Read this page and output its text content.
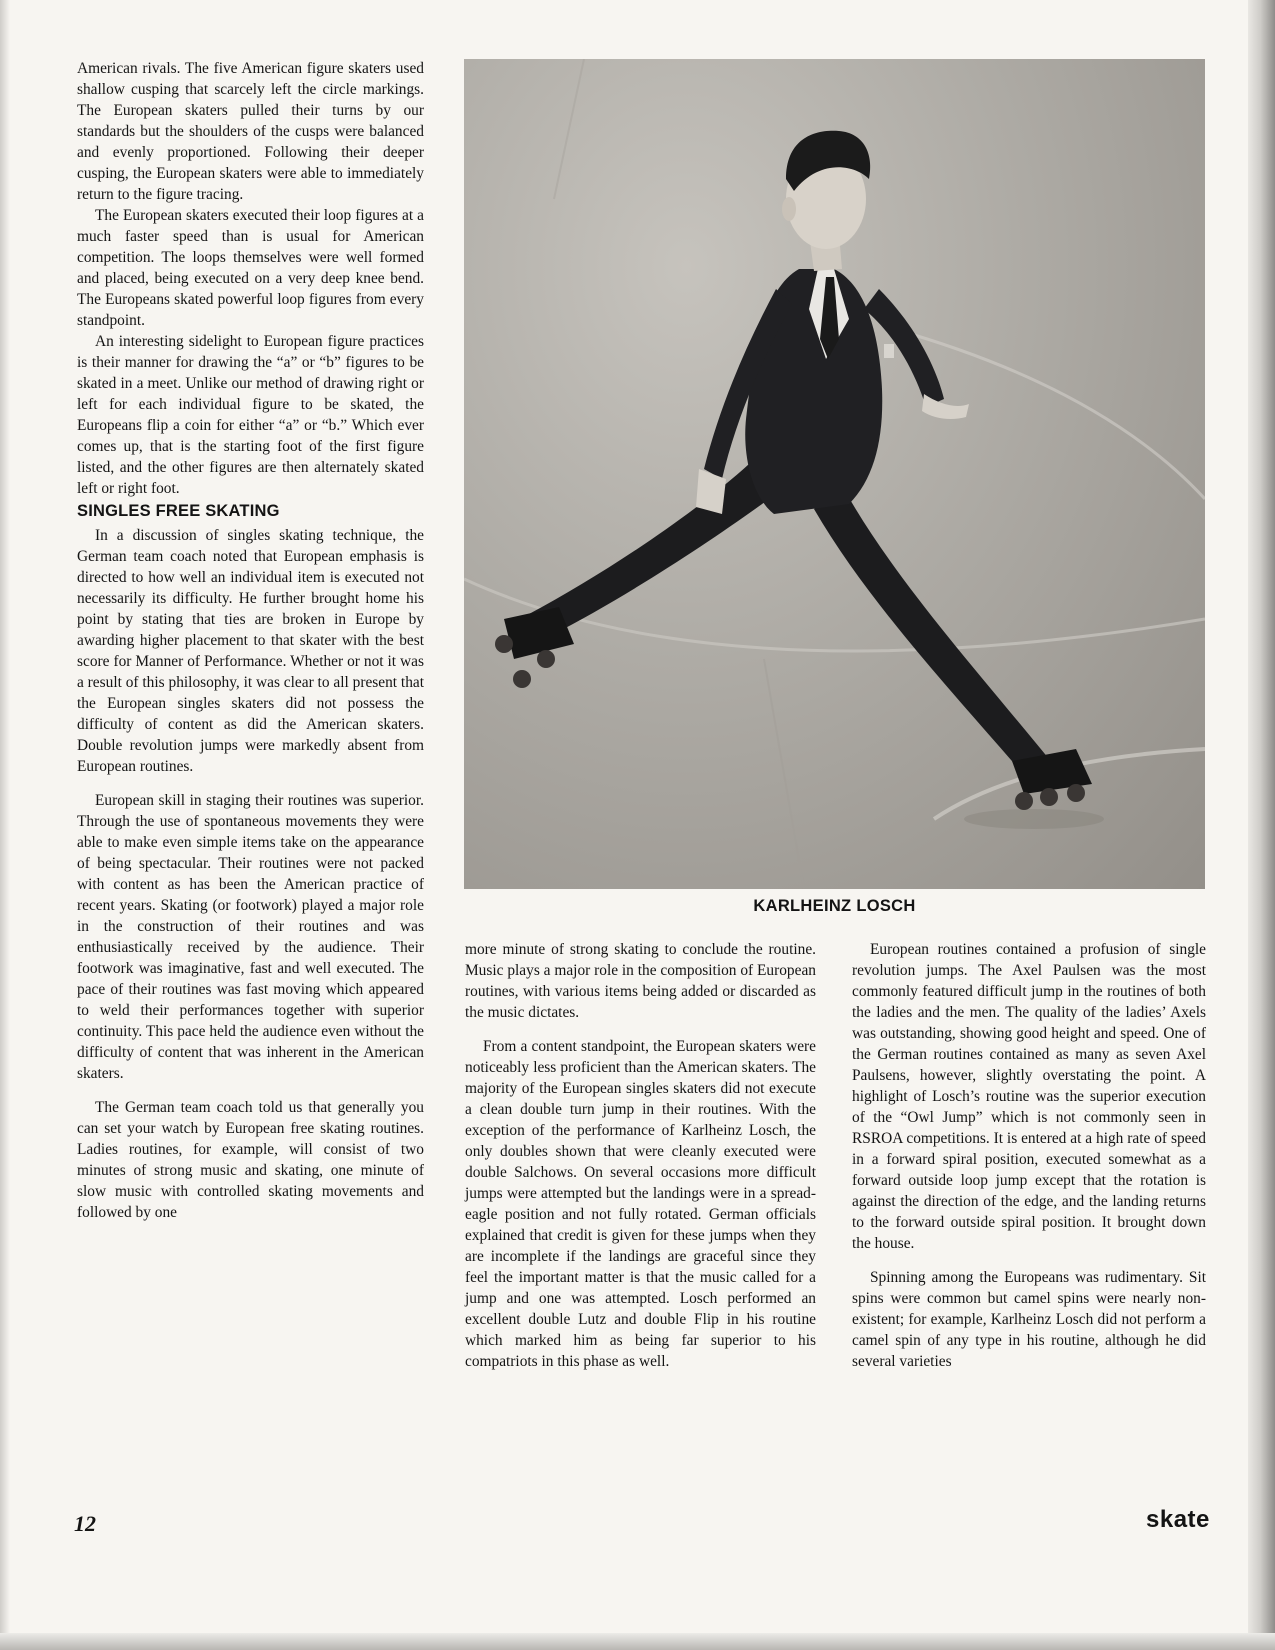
American rivals. The five American figure skaters used shallow cusping that scarcely left the circle markings. The European skaters pulled their turns by our standards but the shoulders of the cusps were balanced and evenly proportioned. Following their deeper cusping, the European skaters were able to immediately return to the figure tracing.

The European skaters executed their loop figures at a much faster speed than is usual for American competition. The loops themselves were well formed and placed, being executed on a very deep knee bend. The Europeans skated powerful loop figures from every standpoint.

An interesting sidelight to European figure practices is their manner for drawing the “a” or “b” figures to be skated in a meet. Unlike our method of drawing right or left for each individual figure to be skated, the Europeans flip a coin for either “a” or “b.” Which ever comes up, that is the starting foot of the first figure listed, and the other figures are then alternately skated left or right foot.

SINGLES FREE SKATING

In a discussion of singles skating technique, the German team coach noted that European emphasis is directed to how well an individual item is executed not necessarily its difficulty. He further brought home his point by stating that ties are broken in Europe by awarding higher placement to that skater with the best score for Manner of Performance. Whether or not it was a result of this philosophy, it was clear to all present that the European singles skaters did not possess the difficulty of content as did the American skaters. Double revolution jumps were markedly absent from European routines.

European skill in staging their routines was superior. Through the use of spontaneous movements they were able to make even simple items take on the appearance of being spectacular. Their routines were not packed with content as has been the American practice of recent years. Skating (or footwork) played a major role in the construction of their routines and was enthusiastically received by the audience. Their footwork was imaginative, fast and well executed. The pace of their routines was fast moving which appeared to weld their performances together with superior continuity. This pace held the audience even without the difficulty of content that was inherent in the American skaters.

The German team coach told us that generally you can set your watch by European free skating routines. Ladies routines, for example, will consist of two minutes of strong music and skating, one minute of slow music with controlled skating movements and followed by one

KARLHEINZ LOSCH

more minute of strong skating to conclude the routine. Music plays a major role in the composition of European routines, with various items being added or discarded as the music dictates.

From a content standpoint, the European skaters were noticeably less proficient than the American skaters. The majority of the European singles skaters did not execute a clean double turn jump in their routines. With the exception of the performance of Karlheinz Losch, the only doubles shown that were cleanly executed were double Salchows. On several occasions more difficult jumps were attempted but the landings were in a spread-eagle position and not fully rotated. German officials explained that credit is given for these jumps when they are incomplete if the landings are graceful since they feel the important matter is that the music called for a jump and one was attempted. Losch performed an excellent double Lutz and double Flip in his routine which marked him as being far superior to his compatriots in this phase as well.

European routines contained a profusion of single revolution jumps. The Axel Paulsen was the most commonly featured difficult jump in the routines of both the ladies and the men. The quality of the ladies’ Axels was outstanding, showing good height and speed. One of the German routines contained as many as seven Axel Paulsens, however, slightly overstating the point. A highlight of Losch’s routine was the superior execution of the “Owl Jump” which is not commonly seen in RSROA competitions. It is entered at a high rate of speed in a forward spiral position, executed somewhat as a forward outside loop jump except that the rotation is against the direction of the edge, and the landing returns to the forward outside spiral position. It brought down the house.

Spinning among the Europeans was rudimentary. Sit spins were common but camel spins were nearly non-existent; for example, Karlheinz Losch did not perform a camel spin of any type in his routine, although he did several varieties

12	skate
